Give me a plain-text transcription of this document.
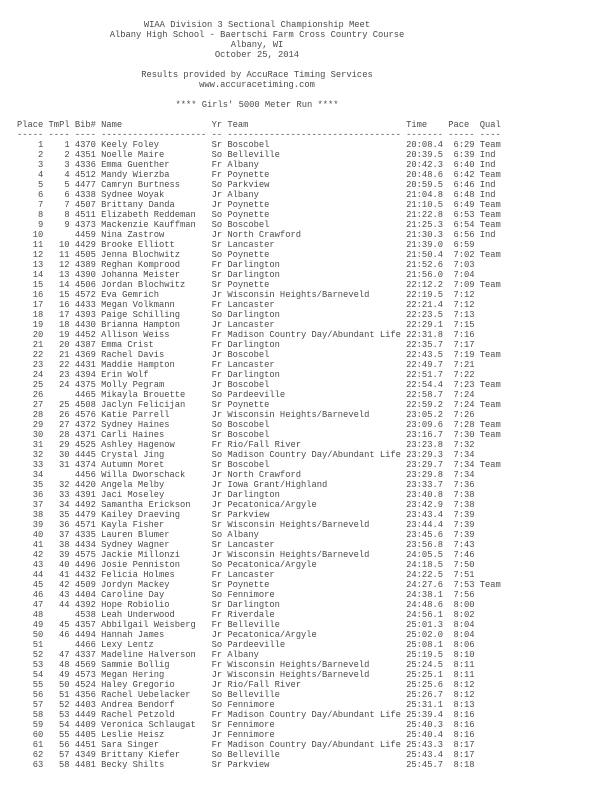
WIAA Division 3 Sectional Championship Meet
Albany High School - Baertschi Farm Cross Country Course
Albany, WI
October 25, 2014
Results provided by AccuRace Timing Services
www.accuracetiming.com
**** Girls' 5000 Meter Run ****
Place TmPl Bib# Name	Yr Team	Time Pace Qual
----- ---- ---- -------------------- -- --------------------------------- ------- ----- ----
1 1 4370 Keely Foley	Sr Boscobel	20:08.4 6:29 Team
2 2 4351 Noelle Maire	So Belleville	20:39.5 6:39 Ind
3 3 4336 Emma Guenther	Fr Albany	20:42.3 6:40 Ind
4 4 4512 Mandy Wierzba	Fr Poynette	20:48.6 6:42 Team
5 5 4477 Camryn Burtness	So Parkview	20:59.5 6:46 Ind
6 6 4338 Sydnee Woyak	Jr Albany	21:04.8 6:48 Ind
7 7 4507 Brittany Danda	Jr Poynette	21:10.5 6:49 Team
8 8 4511 Elizabeth Reddeman So Poynette	21:22.8 6:53 Team
9 9 4373 Mackenzie Kauffman So Boscobel	21:25.3 6:54 Team
10	4459 Nina Zastrow	Jr North Crawford	21:30.3 6:56 Ind
11 10 4429 Brooke Elliott	Sr Lancaster	21:39.0 6:59
12 11 4505 Jenna Blochwitz	So Poynette	21:50.4 7:02 Team
13 12 4389 Reghan Komprood	Fr Darlington	21:52.6 7:03
14 13 4390 Johanna Meister	Sr Darlington	21:56.0 7:04
15 14 4506 Jordan Blochwitz	Sr Poynette	22:12.2 7:09 Team
16 15 4572 Eva Gemrich	Jr Wisconsin Heights/Barneveld	22:19.5 7:12
17 16 4433 Megan Volkmann	Fr Lancaster	22:21.4 7:12
18 17 4393 Paige Schilling	So Darlington	22:23.5 7:13
19 18 4430 Brianna Hampton	Jr Lancaster	22:29.1 7:15
20 19 4452 Allison Weiss	Fr Madison Country Day/Abundant Life 22:31.8 7:16
21 20 4387 Emma Crist	Fr Darlington	22:35.7 7:17
22 21 4369 Rachel Davis	Jr Boscobel	22:43.5 7:19 Team
23 22 4431 Maddie Hampton	Fr Lancaster	22:49.7 7:21
24 23 4394 Erin Wolf	Fr Darlington	22:51.7 7:22
25 24 4375 Molly Pegram	Jr Boscobel	22:54.4 7:23 Team
26	4465 Mikayla Brouette	So Pardeeville	22:58.7 7:24
27 25 4508 Jaclyn Felicijan	Sr Poynette	22:59.2 7:24 Team
28 26 4576 Katie Parrell	Jr Wisconsin Heights/Barneveld	23:05.2 7:26
29 27 4372 Sydney Haines	So Boscobel	23:09.6 7:28 Team
30 28 4371 Carli Haines	Sr Boscobel	23:16.7 7:30 Team
31 29 4525 Ashley Hagenow	Fr Rio/Fall River	23:23.8 7:32
32 30 4445 Crystal Jing	So Madison Country Day/Abundant Life 23:29.3 7:34
33 31 4374 Autumn Moret	Sr Boscobel	23:29.7 7:34 Team
34	4456 Willa Dworschack	Jr North Crawford	23:29.8 7:34
35 32 4420 Angela Melby	Jr Iowa Grant/Highland	23:33.7 7:36
36 33 4391 Jaci Moseley	Jr Darlington	23:40.8 7:38
37 34 4492 Samantha Erickson Jr Pecatonica/Argyle	23:42.9 7:38
38 35 4479 Kailey Draeving	Sr Parkview	23:43.4 7:39
39 36 4571 Kayla Fisher	Sr Wisconsin Heights/Barneveld	23:44.4 7:39
40 37 4335 Lauren Blumer	So Albany	23:45.6 7:39
41 38 4434 Sydney Wagner	Sr Lancaster	23:56.8 7:43
42 39 4575 Jackie Millonzi	Jr Wisconsin Heights/Barneveld	24:05.5 7:46
43 40 4496 Josie Penniston	So Pecatonica/Argyle	24:18.5 7:50
44 41 4432 Felicia Holmes	Fr Lancaster	24:22.5 7:51
45 42 4509 Jordyn Mackey	Sr Poynette	24:27.6 7:53 Team
46 43 4404 Caroline Day	So Fennimore	24:38.1 7:56
47 44 4392 Hope Robiolio	Sr Darlington	24:48.6 8:00
48	4538 Leah Underwood	Fr Riverdale	24:56.1 8:02
49 45 4357 Abbilgail Weisberg Fr Belleville	25:01.3 8:04
50 46 4494 Hannah James	Jr Pecatonica/Argyle	25:02.0 8:04
51	4466 Lexy Lentz	So Pardeeville	25:08.1 8:06
52 47 4337 Madeline Halverson Fr Albany	25:19.5 8:10
53 48 4569 Sammie Bollig	Fr Wisconsin Heights/Barneveld	25:24.5 8:11
54 49 4573 Megan Hering	Jr Wisconsin Heights/Barneveld	25:25.1 8:11
55 50 4524 Haley Gregorio	Jr Rio/Fall River	25:25.6 8:12
56 51 4356 Rachel Uebelacker So Belleville	25:26.7 8:12
57 52 4403 Andrea Bendorf	So Fennimore	25:31.1 8:13
58 53 4449 Rachel Petzold	Fr Madison Country Day/Abundant Life 25:39.4 8:16
59 54 4409 Veronica Schlaugat Sr Fennimore	25:40.3 8:16
60 55 4405 Leslie Heisz	Jr Fennimore	25:40.4 8:16
61 56 4451 Sara Singer	Fr Madison Country Day/Abundant Life 25:43.3 8:17
62 57 4349 Brittany Kiefer	So Belleville	25:43.4 8:17
63 58 4481 Becky Shilts	Sr Parkview	25:45.7 8:18
